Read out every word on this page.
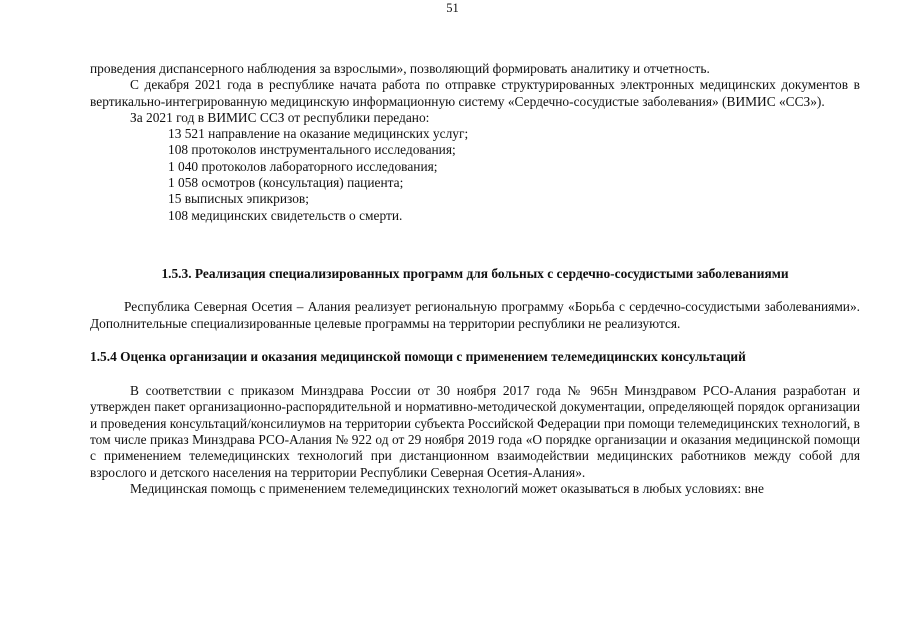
51

проведения диспансерного наблюдения за взрослыми», позволяющий формировать аналитику и отчетность.

С декабря 2021 года в республике начата работа по отправке структурированных электронных медицинских документов в вертикально-интегрированную медицинскую информационную систему «Сердечно-сосудистые заболевания» (ВИМИС «ССЗ»).

За 2021 год в ВИМИС ССЗ от республики передано:

13 521 направление на оказание медицинских услуг;
108 протоколов инструментального исследования;
1 040 протоколов лабораторного исследования;
1 058 осмотров (консультация) пациента;
15 выписных эпикризов;
108 медицинских свидетельств о смерти.

1.5.3. Реализация специализированных программ для больных с сердечно-сосудистыми заболеваниями

Республика Северная Осетия – Алания реализует региональную программу «Борьба с сердечно-сосудистыми заболеваниями». Дополнительные специализированные целевые программы на территории республики не реализуются.

1.5.4 Оценка организации и оказания медицинской помощи с применением телемедицинских консультаций

В соответствии с приказом Минздрава России от 30 ноября 2017 года № 965н Минздравом РСО-Алания разработан и утвержден пакет организационно-распорядительной и нормативно-методической документации, определяющей порядок организации и проведения консультаций/консилиумов на территории субъекта Российской Федерации при помощи телемедицинских технологий, в том числе приказ Минздрава РСО-Алания № 922 од от 29 ноября 2019 года «О порядке организации и оказания медицинской помощи с применением телемедицинских технологий при дистанционном взаимодействии медицинских работников между собой для взрослого и детского населения на территории Республики Северная Осетия-Алания».

Медицинская помощь с применением телемедицинских технологий может оказываться в любых условиях: вне
